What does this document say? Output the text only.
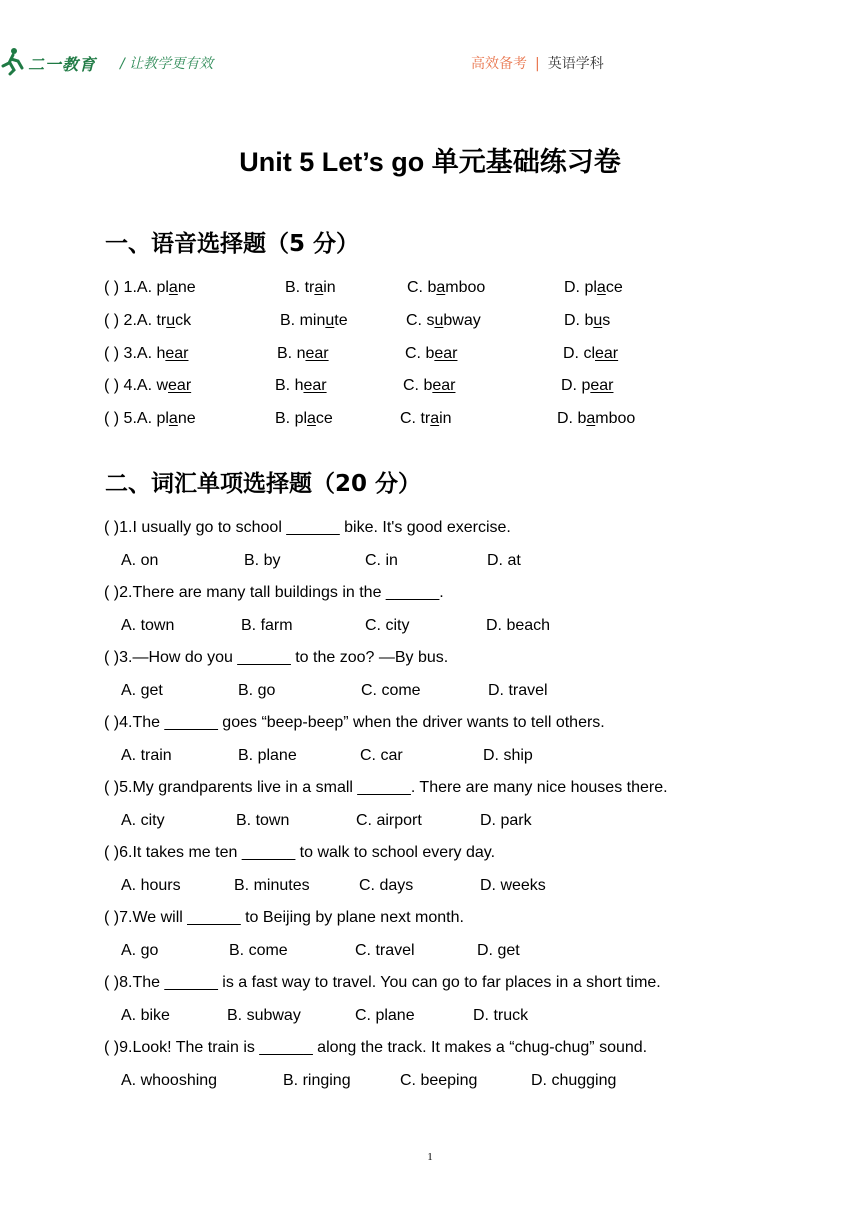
二一教育 / 让教学更有效	高效备考 | 英语学科
Unit 5 Let’s go 单元基础练习卷
一、语音选择题（5 分）
( ) 1.A. plane	B. train	C. bamboo	D. place
( ) 2.A. truck	B. minute	C. subway	D. bus
( ) 3.A. hear	B. near	C. bear	D. clear
( ) 4.A. wear	B. hear	C. bear	D. pear
( ) 5.A. plane	B. place	C. train	D. bamboo
二、词汇单项选择题（20 分）
( )1.I usually go to school ______ bike. It's good exercise.
A. on	B. by	C. in	D. at
( )2.There are many tall buildings in the ______.
A. town	B. farm	C. city	D. beach
( )3.—How do you ______ to the zoo? —By bus.
A. get	B. go	C. come	D. travel
( )4.The ______ goes “beep-beep” when the driver wants to tell others.
A. train	B. plane	C. car	D. ship
( )5.My grandparents live in a small ______. There are many nice houses there.
A. city	B. town	C. airport	D. park
( )6.It takes me ten ______ to walk to school every day.
A. hours	B. minutes	C. days	D. weeks
( )7.We will ______ to Beijing by plane next month.
A. go	B. come	C. travel	D. get
( )8.The ______ is a fast way to travel. You can go to far places in a short time.
A. bike	B. subway	C. plane	D. truck
( )9.Look! The train is ______ along the track. It makes a “chug-chug” sound.
A. whooshing	B. ringing	C. beeping	D. chugging
1
